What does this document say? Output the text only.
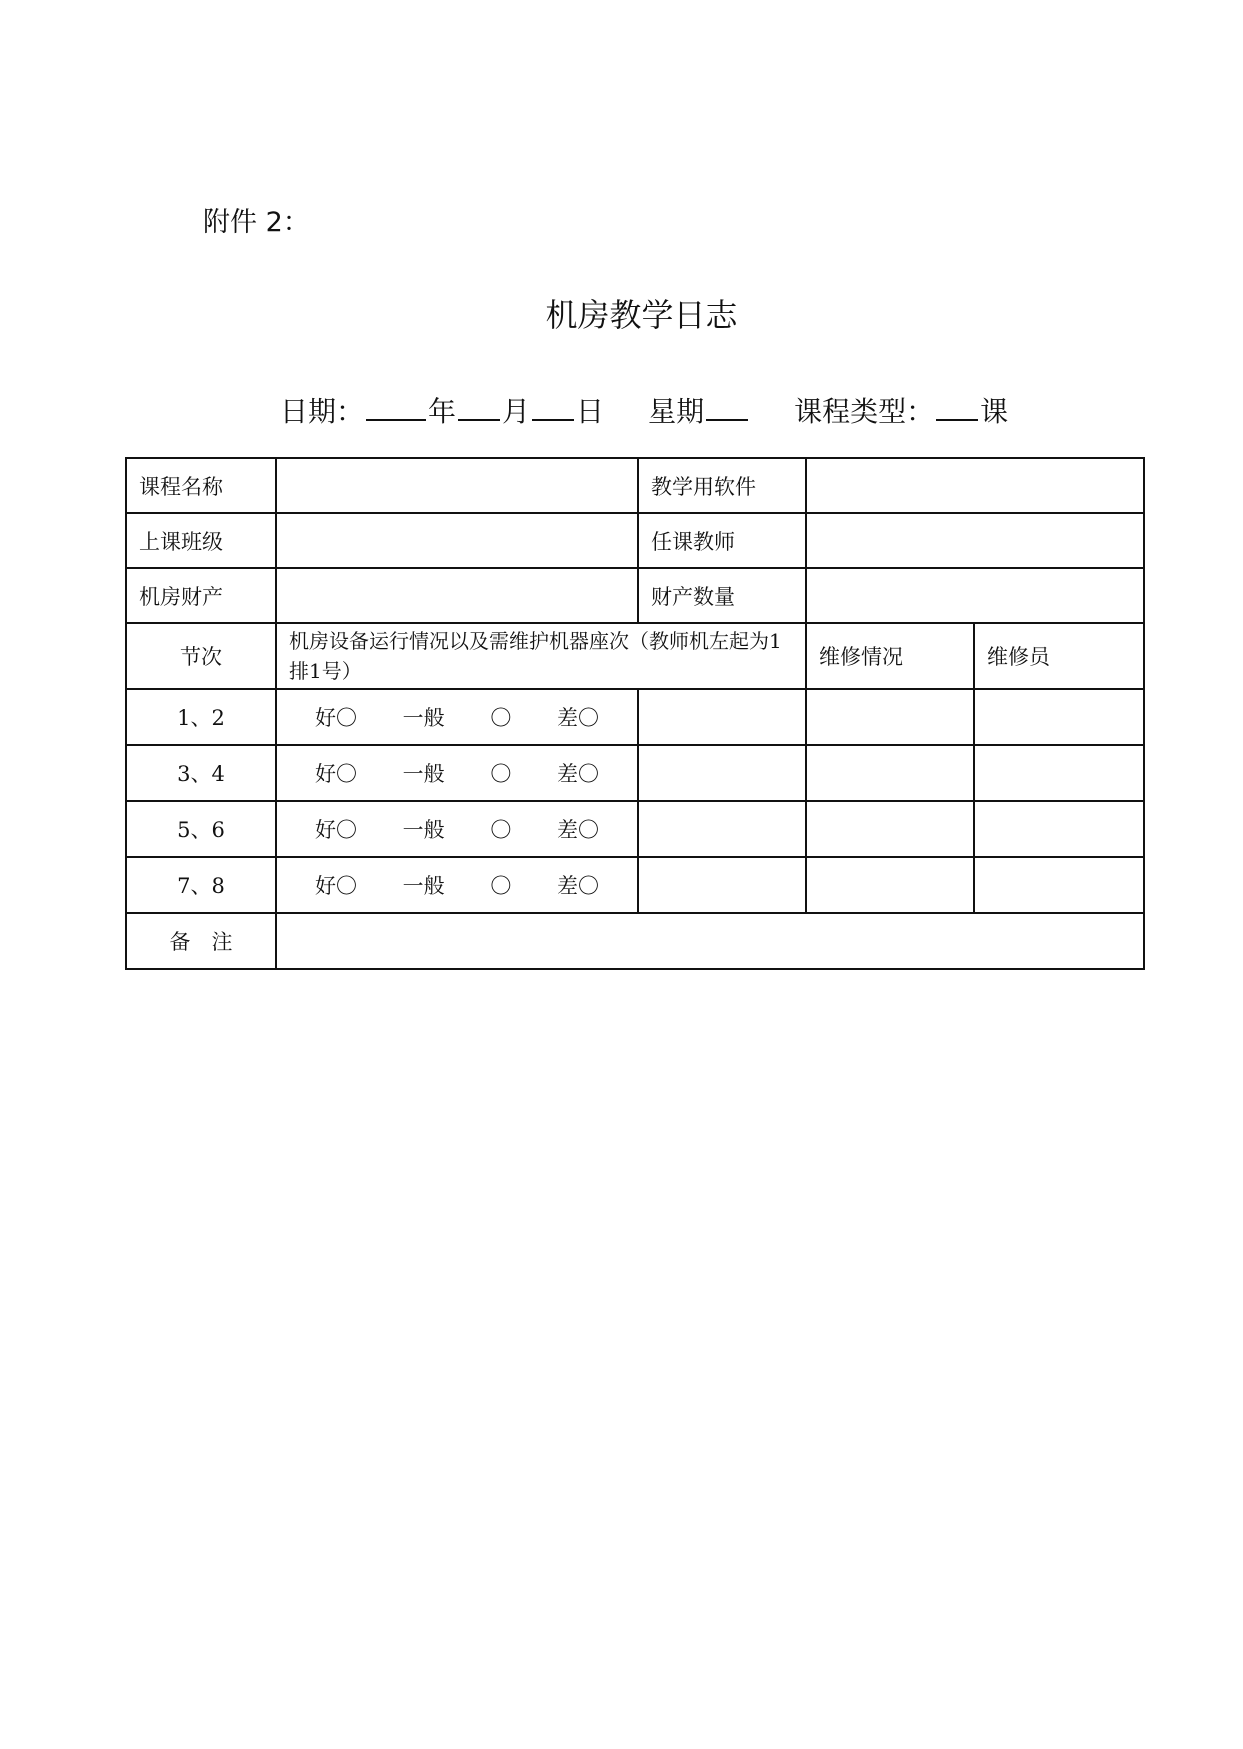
附件 2：
机房教学日志
日期： 年 月 日 星期	课程类型： 课
课程名称		教学用软件		
上课班级		任课教师		
机房财产		财产数量		
节次	机房设备运行情况以及需维护机器座次（教师机左起为1排1号）		维修情况	维修员
1、2	好〇 一般 〇 差〇			

3、4	好〇 一般 〇 差〇			

5、6	好〇 一般 〇 差〇			

7、8	好〇 一般 〇 差〇			

备　注				
